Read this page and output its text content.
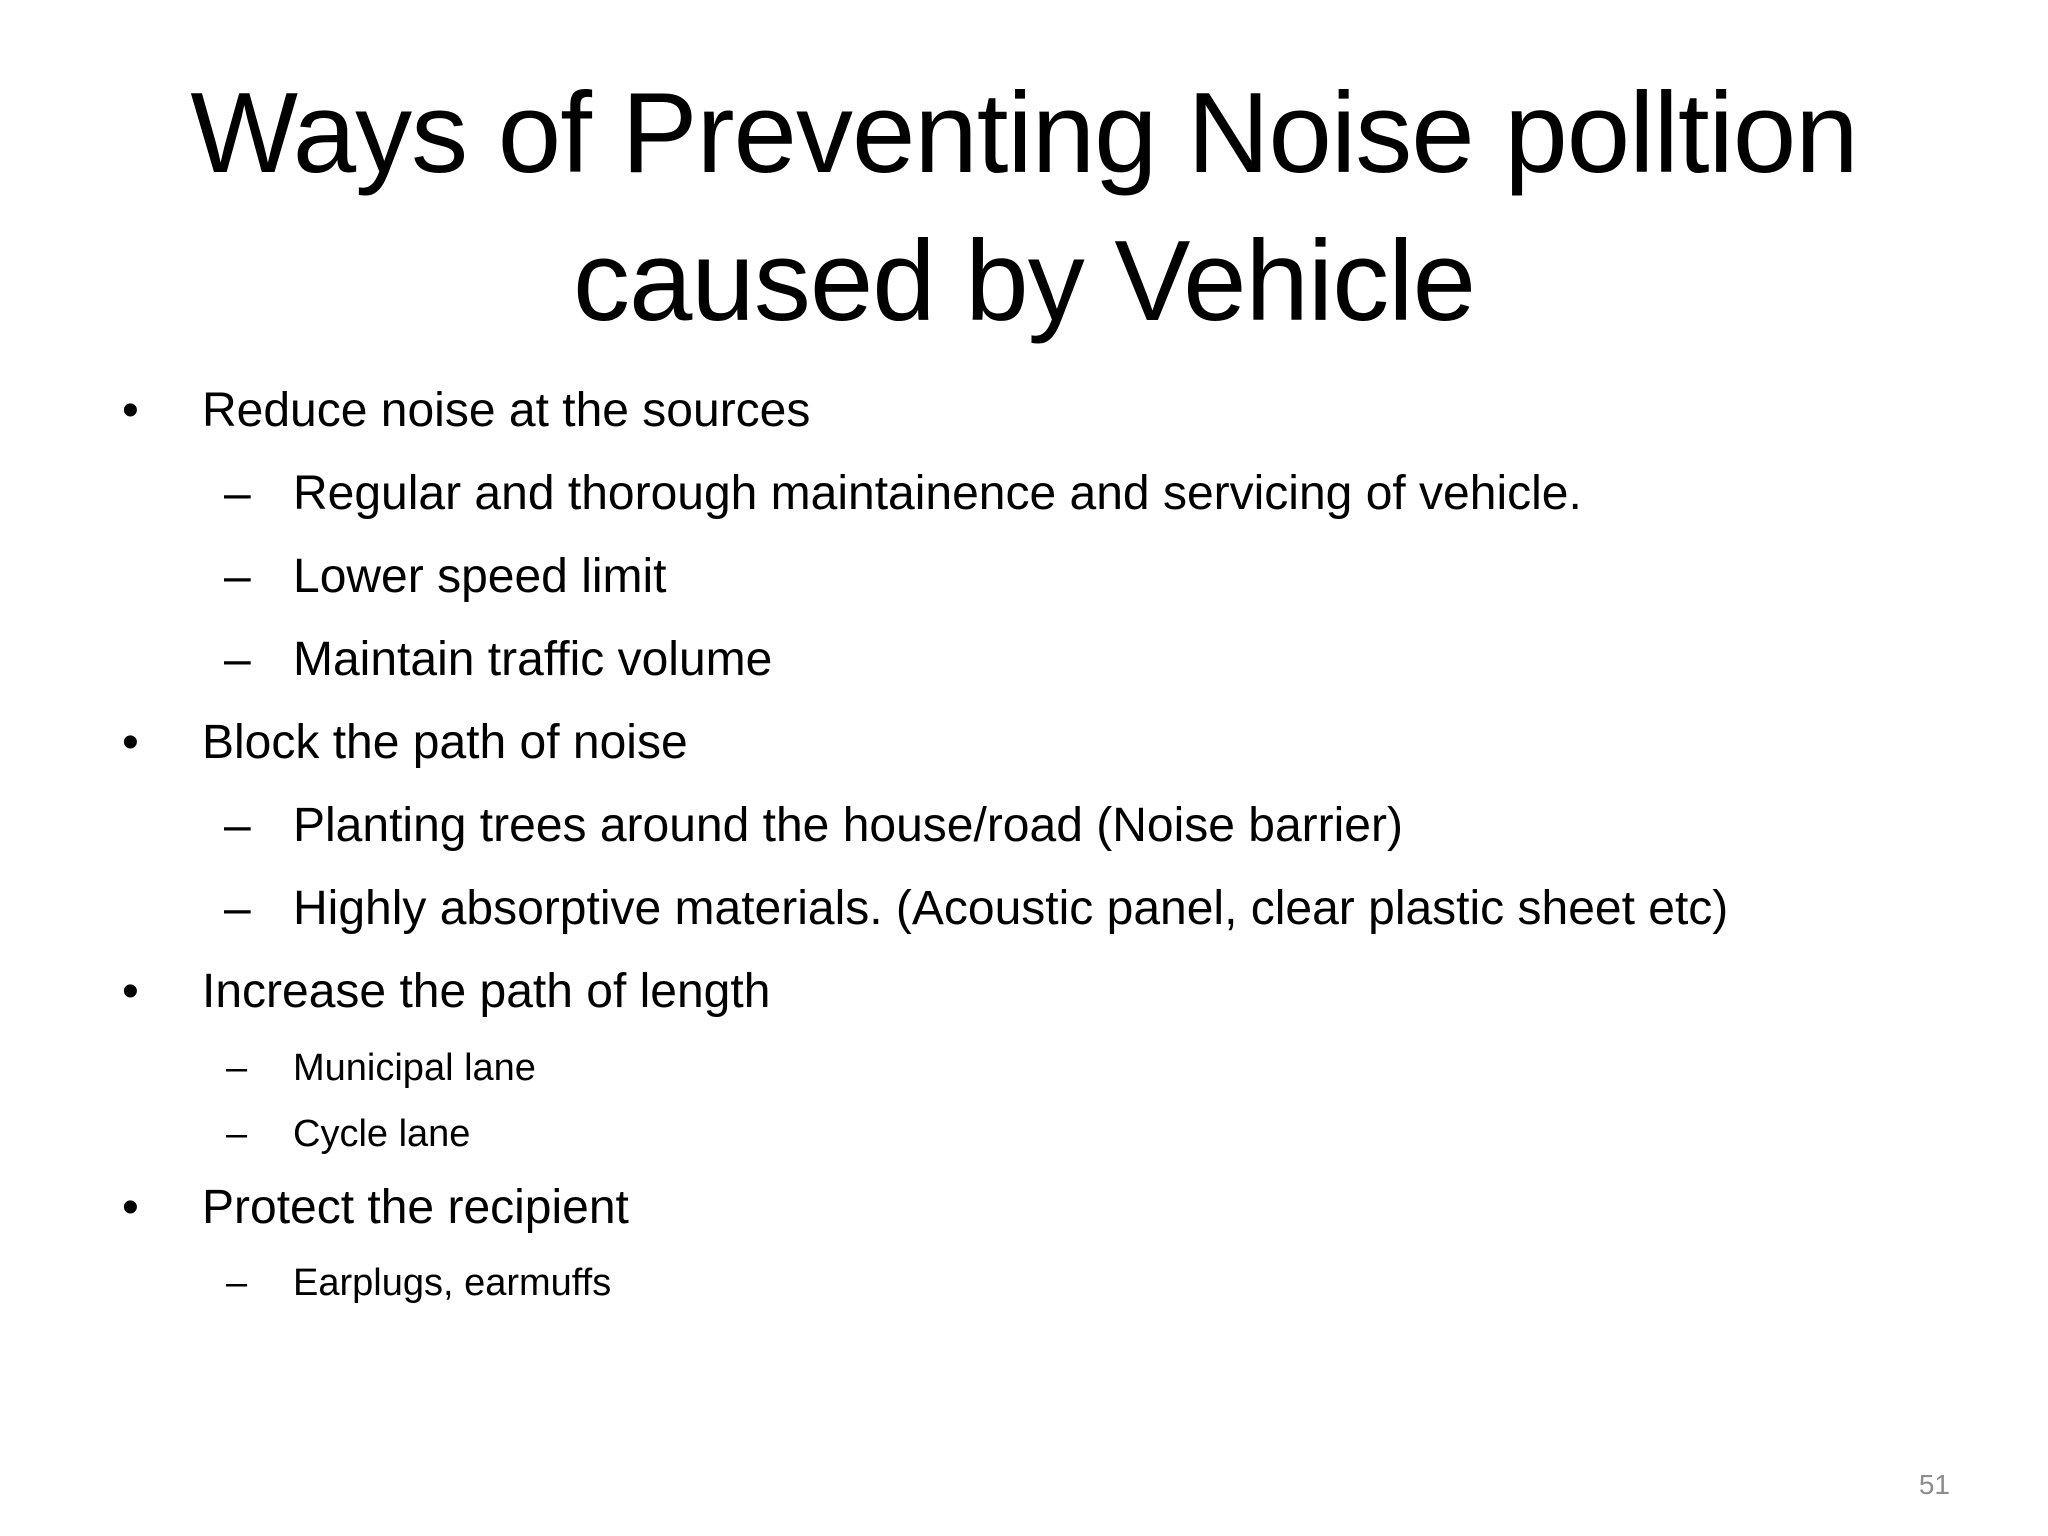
Ways of Preventing Noise polltion
caused by Vehicle
• Reduce noise at the sources
– Regular and thorough maintainence and servicing of vehicle.
– Lower speed limit
– Maintain traffic volume
• Block the path of noise
– Planting trees around the house/road (Noise barrier)
– Highly absorptive materials. (Acoustic panel, clear plastic sheet etc)
• Increase the path of length
– Municipal lane
– Cycle lane
• Protect the recipient
– Earplugs, earmuffs
51
